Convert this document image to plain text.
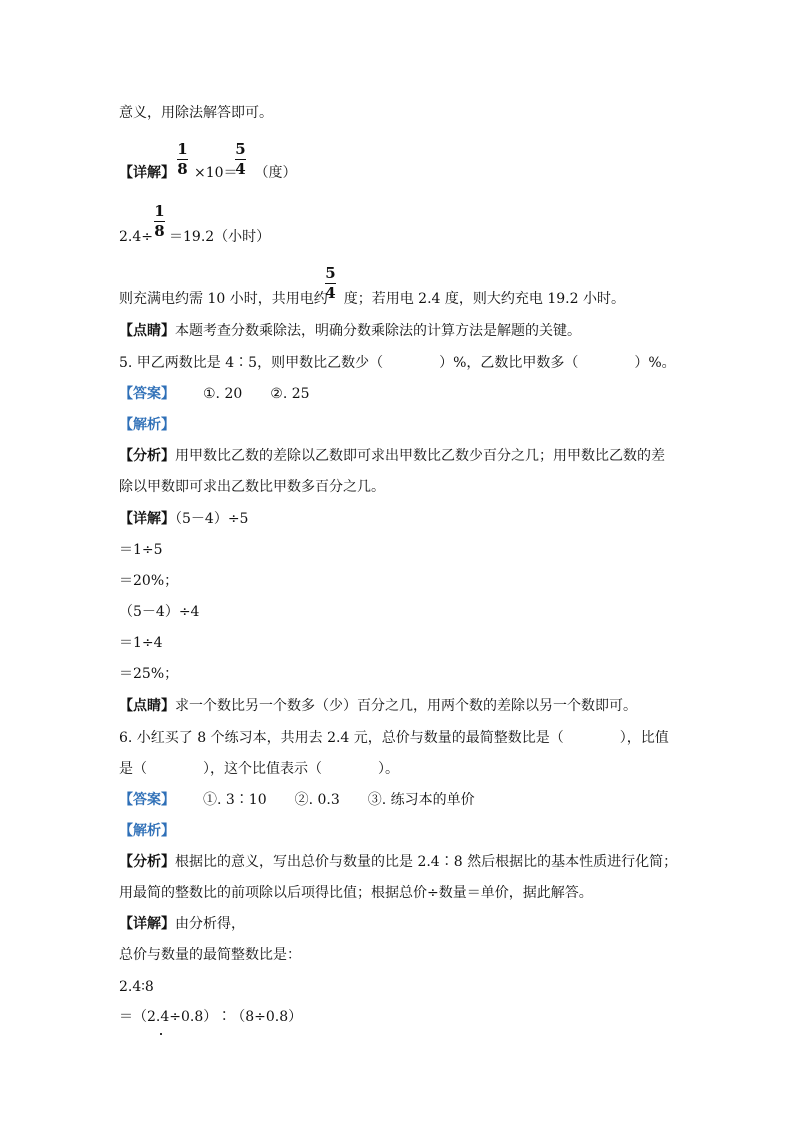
意义，用除法解答即可。
【详解】 ×10＝ （度）
1
8
5
4
2.4÷ ＝19.2（小时）
1
8
则充满电约需 10 小时，共用电约 度；若用电 2.4 度，则大约充电 19.2 小时。
5
4
【点睛】本题考查分数乘除法，明确分数乘除法的计算方法是解题的关键。
5. 甲乙两数比是 4∶5，则甲数比乙数少（　　　　）%，乙数比甲数多（　　　　）%。
【答案】 ①. 20　　②. 25
【解析】
【分析】用甲数比乙数的差除以乙数即可求出甲数比乙数少百分之几；用甲数比乙数的差
除以甲数即可求出乙数比甲数多百分之几。
【详解】（5－4）÷5
＝1÷5
＝20%；
（5－4）÷4
＝1÷4
＝25%；
【点睛】求一个数比另一个数多（少）百分之几，用两个数的差除以另一个数即可。
6. 小红买了 8 个练习本，共用去 2.4 元，总价与数量的最简整数比是（　　　　），比值
是（　　　　），这个比值表示（　　　　）。
【答案】 ①. 3∶10　　②. 0.3　　③. 练习本的单价
【解析】
【分析】根据比的意义，写出总价与数量的比是 2.4∶8 然后根据比的基本性质进行化简；
用最简的整数比的前项除以后项得比值；根据总价÷数量＝单价，据此解答。
【详解】由分析得，
总价与数量的最简整数比是：
2.4∶8
＝（2.4÷0.8）∶（8÷0.8）
